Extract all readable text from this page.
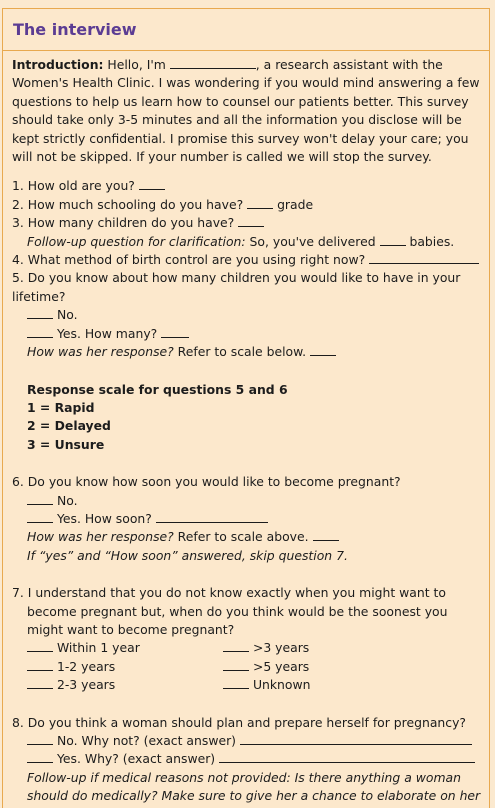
The interview

Introduction: Hello, I'm	, a research assistant with the Women's Health Clinic. I was wondering if you would mind answering a few questions to help us learn how to counsel our patients better. This survey should take only 3-5 minutes and all the information you disclose will be kept strictly confidential. I promise this survey won't delay your care; you will not be skipped. If your number is called we will stop the survey.

1. How old are you?

2. How much schooling do you have?	grade

3. How many children do you have?

Follow-up question for clarification: So, you've delivered  babies.

4. What method of birth control are you using right now?

5. Do you know about how many children you would like to have in your lifetime?

No.

Yes. How many?

How was her response? Refer to scale below.

Response scale for questions 5 and 6

1 = Rapid

2 = Delayed

3 = Unsure

6. Do you know how soon you would like to become pregnant?

No.

Yes. How soon?

How was her response? Refer to scale above.

If “yes” and “How soon” answered, skip question 7.

7. I understand that you do not know exactly when you might want to become pregnant but, when do you think would be the soonest you might want to become pregnant?

Within 1 year
1-2 years
2-3 years
>3 years
>5 years
Unknown

8. Do you think a woman should plan and prepare herself for pregnancy?

No. Why not? (exact answer)

Yes. Why? (exact answer)

Follow-up if medical reasons not provided: Is there anything a woman should do medically? Make sure to give her a chance to elaborate on her
